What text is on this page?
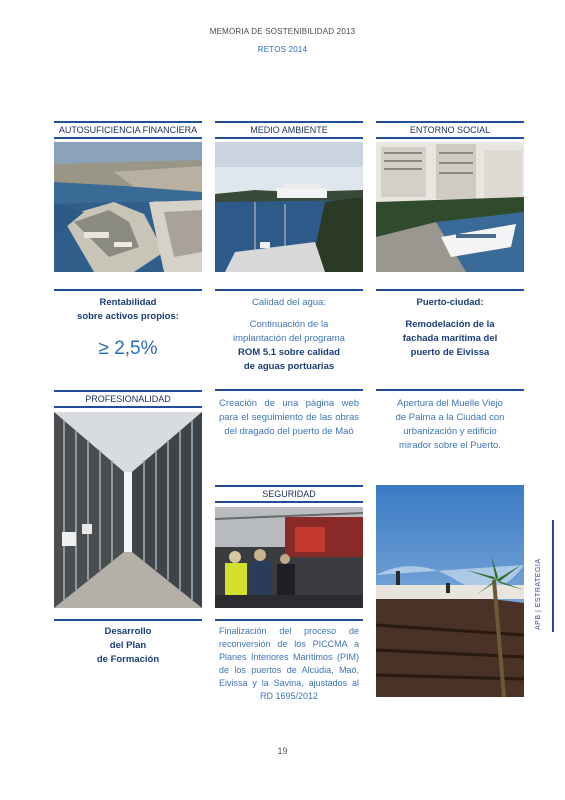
MEMORIA DE SOSTENIBILIDAD 2013
RETOS 2014
AUTOSUFICIENCIA FINANCIERA	MEDIO AMBIENTE	ENTORNO SOCIAL
Rentabilidad
sobre activos propios:
≥ 2,5%
Calidad del agua:
Continuación de la
implantación del programa
ROM 5.1 sobre calidad
de aguas portuarias
Puerto-ciudad:
Remodelación de la
fachada marítima del
puerto de Eivissa
PROFESIONALIDAD	Creación de una página web para el seguimiento de las obras del dragado del puerto de Maó
Apertura del Muelle Viejo
de Palma a la Ciudad con
urbanización y edificio
mirador sobre el Puerto.
SEGURIDAD
Desarrollo
del Plan
de Formación
Finalización del proceso de reconversión de los PICCMA a Planes Interiores Marítimos (PIM) de los puertos de Alcúdia, Maó, Eivissa y la Savina, ajustados al RD 1695/2012
APB | ESTRATEGIA
19
